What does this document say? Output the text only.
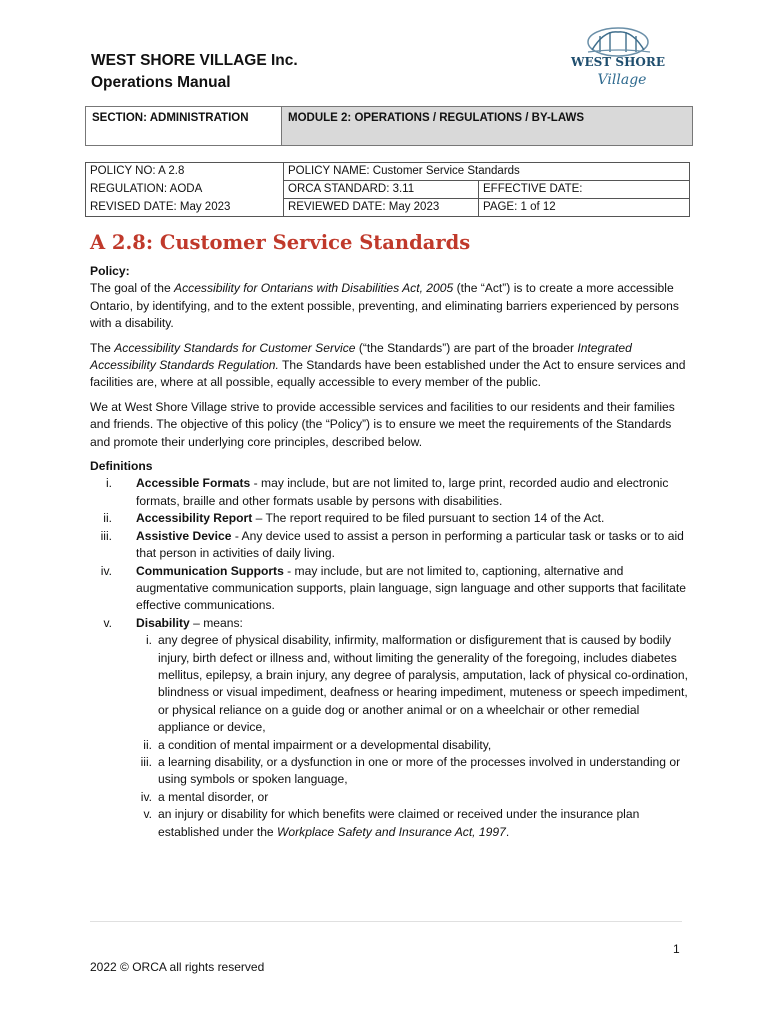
WEST SHORE VILLAGE Inc.
Operations Manual
WEST SHORE
Village
SECTION: ADMINISTRATION	MODULE 2: OPERATIONS / REGULATIONS / BY-LAWS
POLICY NO: A 2.8	POLICY NAME: Customer Service Standards	
REGULATION: AODA	ORCA STANDARD: 3.11	EFFECTIVE DATE:
REVISED DATE: May 2023	REVIEWED DATE: May 2023	PAGE: 1 of 12
A 2.8: Customer Service Standards
Policy:

The goal of the Accessibility for Ontarians with Disabilities Act, 2005 (the “Act”) is to create a more accessible Ontario, by identifying, and to the extent possible, preventing, and eliminating barriers experienced by persons with a disability.

The Accessibility Standards for Customer Service (“the Standards”) are part of the broader Integrated Accessibility Standards Regulation. The Standards have been established under the Act to ensure services and facilities are, where at all possible, equally accessible to every member of the public.

We at West Shore Village strive to provide accessible services and facilities to our residents and their families and friends. The objective of this policy (the “Policy”) is to ensure we meet the requirements of the Standards and promote their underlying core principles, described below.

Definitions
i. Accessible Formats - may include, but are not limited to, large print, recorded audio and electronic formats, braille and other formats usable by persons with disabilities.
ii. Accessibility Report – The report required to be filed pursuant to section 14 of the Act.
iii. Assistive Device - Any device used to assist a person in performing a particular task or tasks or to aid that person in activities of daily living.
iv. Communication Supports - may include, but are not limited to, captioning, alternative and augmentative communication supports, plain language, sign language and other supports that facilitate effective communications.
v. Disability – means:
i. any degree of physical disability, infirmity, malformation or disfigurement that is caused by bodily injury, birth defect or illness and, without limiting the generality of the foregoing, includes diabetes mellitus, epilepsy, a brain injury, any degree of paralysis, amputation, lack of physical co-ordination, blindness or visual impediment, deafness or hearing impediment, muteness or speech impediment, or physical reliance on a guide dog or another animal or on a wheelchair or other remedial appliance or device,
ii. a condition of mental impairment or a developmental disability,
iii. a learning disability, or a dysfunction in one or more of the processes involved in understanding or using symbols or spoken language,
iv. a mental disorder, or
v. an injury or disability for which benefits were claimed or received under the insurance plan established under the Workplace Safety and Insurance Act, 1997.
1
2022 © ORCA all rights reserved
